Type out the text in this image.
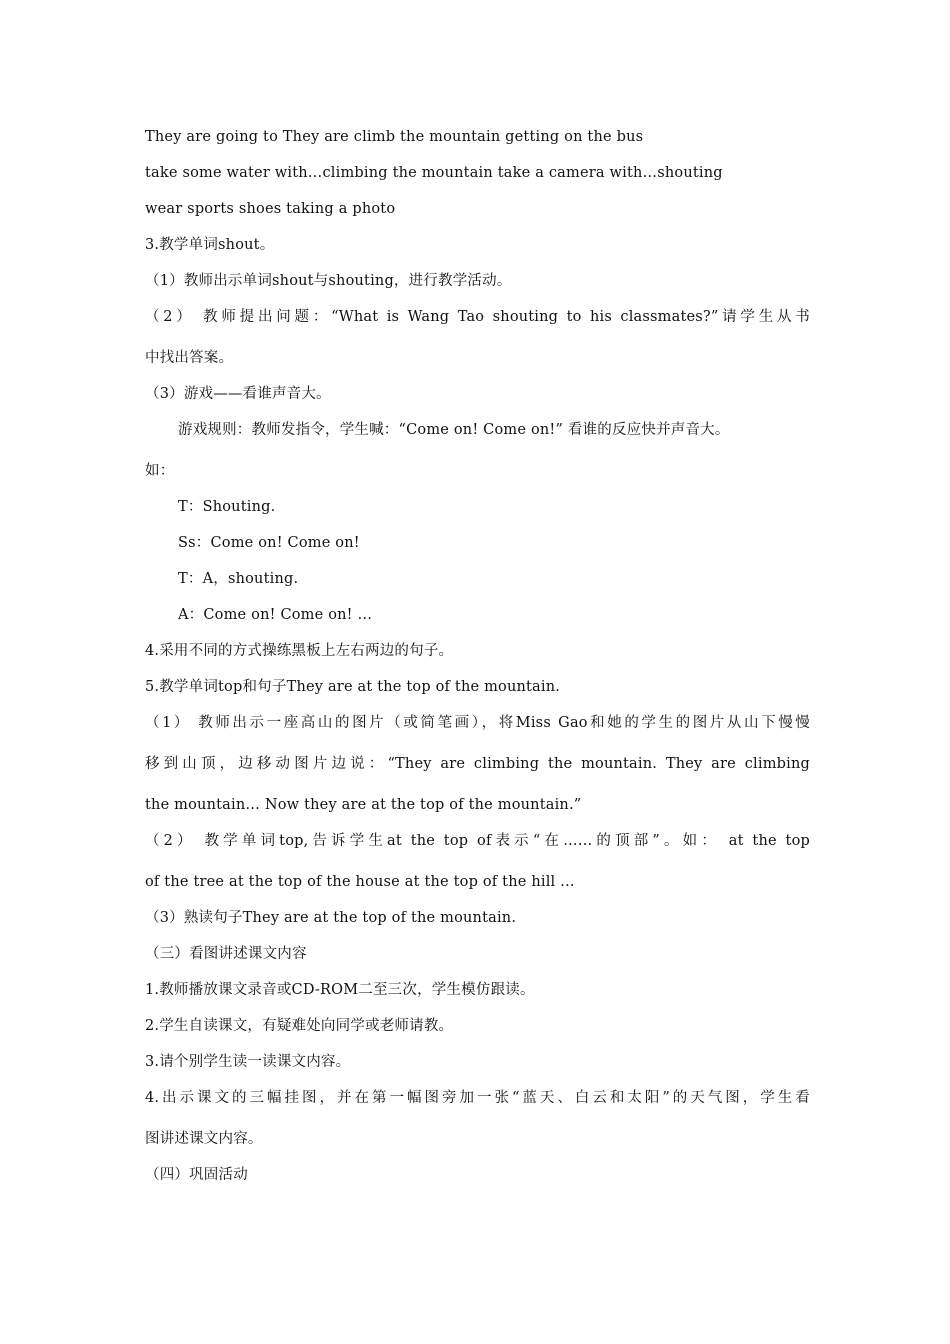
They are going to They are climb the mountain getting on the bus
take some water with…climbing the mountain take a camera with…shouting
wear sports shoes taking a photo
3.教学单词shout。
（1）教师出示单词shout与shouting，进行教学活动。
（2） 教师提出问题：“What is Wang Tao shouting to his classmates?”请学生从书
中找出答案。
（3）游戏——看谁声音大。
游戏规则：教师发指令，学生喊：“Come on! Come on!” 看谁的反应快并声音大。
如：
T：Shouting.
Ss：Come on! Come on!
T：A，shouting.
A：Come on! Come on! …
4.采用不同的方式操练黑板上左右两边的句子。
5.教学单词top和句子They are at the top of the mountain.
（1） 教师出示一座高山的图片（或简笔画），将Miss Gao和她的学生的图片从山下慢慢
移到山顶，边移动图片边说：“They are climbing the mountain. They are climbing
the mountain… Now they are at the top of the mountain.”
（2） 教学单词top,告诉学生at the top of表示“在……的顶部”。如： at the top
of the tree at the top of the house at the top of the hill …
（3）熟读句子They are at the top of the mountain.
（三）看图讲述课文内容
1.教师播放课文录音或CD-ROM二至三次，学生模仿跟读。
2.学生自读课文，有疑难处向同学或老师请教。
3.请个别学生读一读课文内容。
4.出示课文的三幅挂图，并在第一幅图旁加一张“蓝天、白云和太阳”的天气图，学生看
图讲述课文内容。
（四）巩固活动
